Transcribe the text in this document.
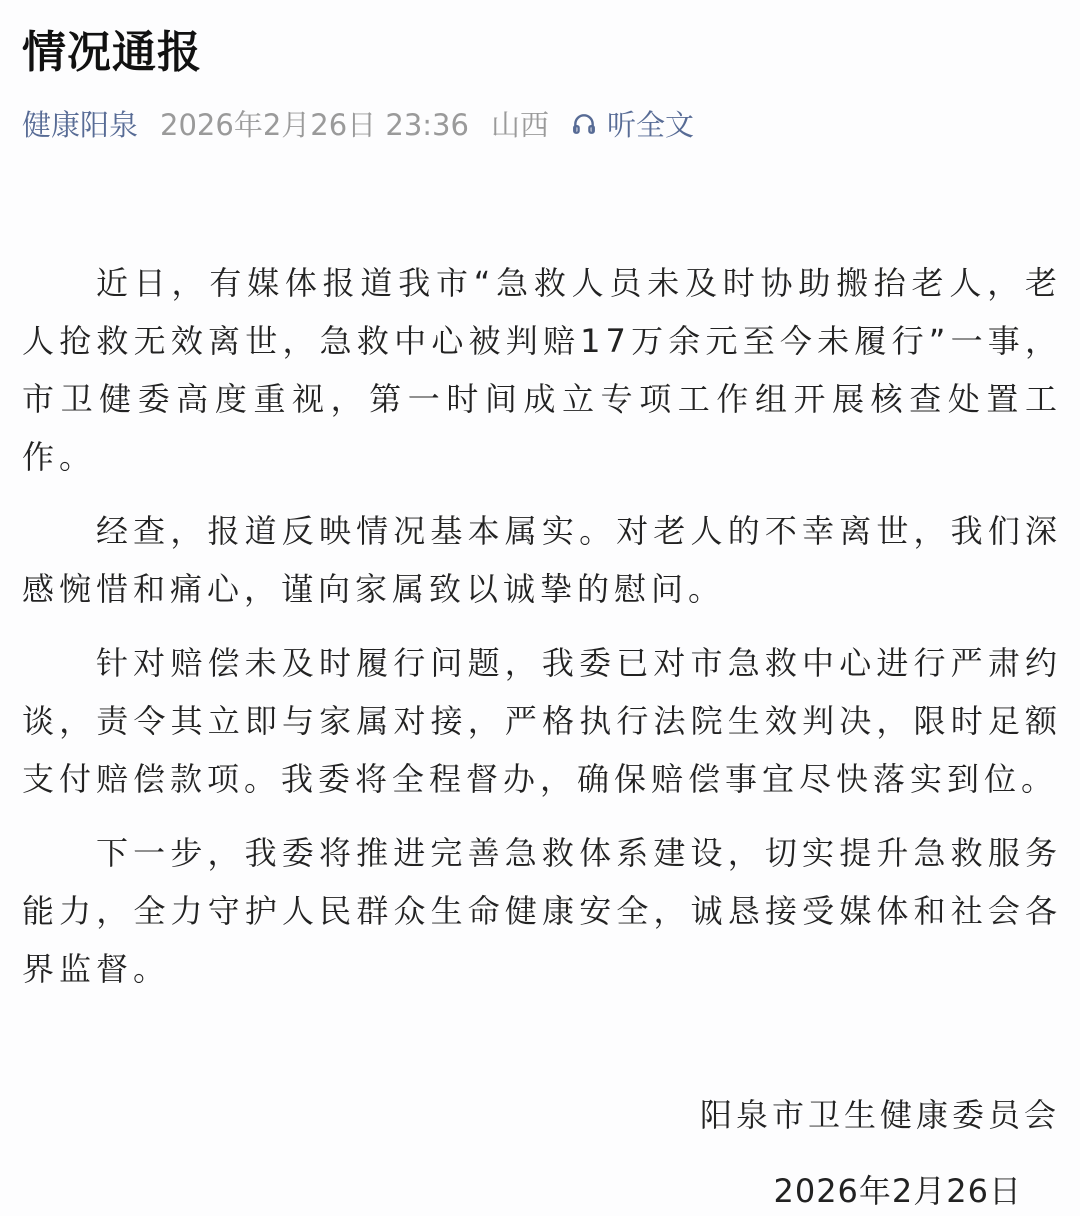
情况通报
健康阳泉 2026年2月26日 23:36 山西 听全文

近日，有媒体报道我市“急救人员未及时协助搬抬老人，老人抢救无效离世，急救中心被判赔17万余元至今未履行”一事，市卫健委高度重视，第一时间成立专项工作组开展核查处置工作。

经查，报道反映情况基本属实。对老人的不幸离世，我们深感惋惜和痛心，谨向家属致以诚挚的慰问。

针对赔偿未及时履行问题，我委已对市急救中心进行严肃约谈，责令其立即与家属对接，严格执行法院生效判决，限时足额支付赔偿款项。我委将全程督办，确保赔偿事宜尽快落实到位。

下一步，我委将推进完善急救体系建设，切实提升急救服务能力，全力守护人民群众生命健康安全，诚恳接受媒体和社会各界监督。

阳泉市卫生健康委员会
2026年2月26日
